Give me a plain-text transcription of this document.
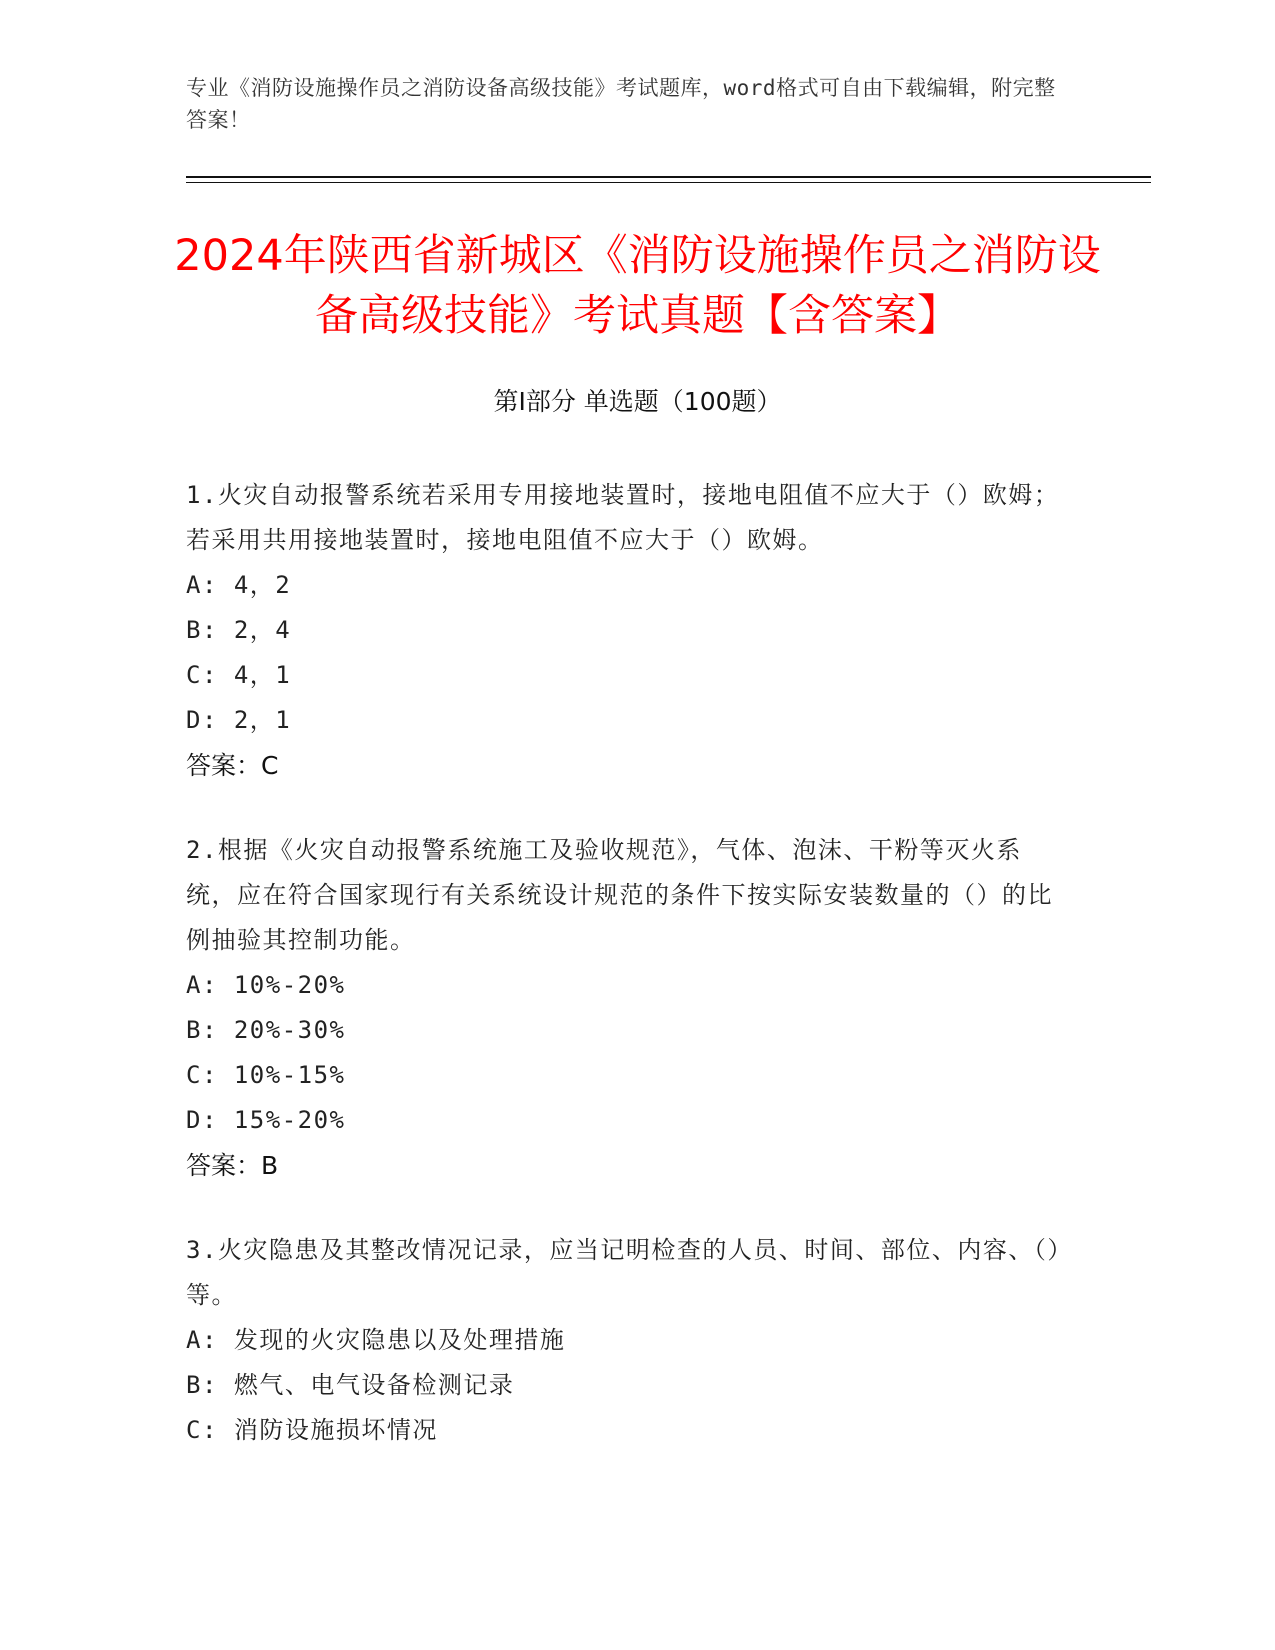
专业《消防设施操作员之消防设备高级技能》考试题库，word格式可自由下载编辑，附完整答案！
2024年陕西省新城区《消防设施操作员之消防设备高级技能》考试真题【含答案】
第I部分 单选题（100题）

1.火灾自动报警系统若采用专用接地装置时，接地电阻值不应大于（）欧姆；若采用共用接地装置时，接地电阻值不应大于（）欧姆。

A: 4，2

B: 2，4

C: 4，1

D: 2，1

答案：C

2.根据《火灾自动报警系统施工及验收规范》，气体、泡沫、干粉等灭火系统，应在符合国家现行有关系统设计规范的条件下按实际安装数量的（）的比例抽验其控制功能。

A: 10%-20%

B: 20%-30%

C: 10%-15%

D: 15%-20%

答案：B

3.火灾隐患及其整改情况记录，应当记明检查的人员、时间、部位、内容、（）等。

A: 发现的火灾隐患以及处理措施

B: 燃气、电气设备检测记录

C: 消防设施损坏情况
